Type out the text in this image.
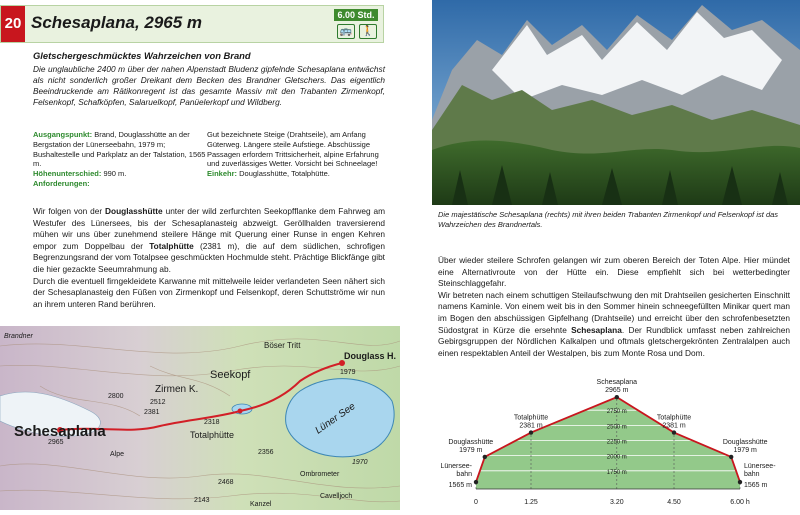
20 Schesaplana, 2965 m	6.00 Std.
🚌 🚶
Gletschergeschmücktes Wahrzeichen von Brand
Die unglaubliche 2400 m über der nahen Alpenstadt Bludenz gipfelnde Schesaplana entwächst als nicht sonderlich großer Dreikant dem Becken des Brandner Gletschers. Das eigentlich Beeindruckende am Rätikonregent ist das gesamte Massiv mit den Trabanten Zirmenkopf, Felsenkopf, Schafköpfen, Salaruelkopf, Panüelerkopf und Wildberg.
Ausgangspunkt: Brand, Douglasshütte an der Bergstation der Lünerseebahn, 1979 m; Bushaltestelle und Parkplatz an der Talstation, 1565 m.
Höhenunterschied: 990 m.
Anforderungen:
Gut bezeichnete Steige (Drahtseile), am Anfang Güterweg. Längere steile Aufstiege. Abschüssige Passagen erfordern Trittsicherheit, alpine Erfahrung und zuverlässiges Wetter. Vorsicht bei Schneelage!
Einkehr: Douglasshütte, Totalphütte.

Wir folgen von der Douglasshütte unter der wild zerfurchten Seekopfflanke dem Fahrweg am Westufer des Lünersees, bis der Schesaplanasteig abzweigt. Geröllhalden traversierend mühen wir uns über zunehmend steilere Hänge mit Querung einer Runse in engen Kehren empor zum Doppelbau der Totalphütte (2381 m), die auf dem südlichen, schrofigen Begrenzungsrand der vom Totalpsee geschmückten Hochmulde steht. Prächtige Blickfänge gibt die hier gezackte Seeumrahmung ab.

Durch die eventuell firngekleidete Karwanne mit mittelweile leider verlandeten Seen nähert sich der Schesaplanasteig den Füßen von Zirmenkopf und Felsenkopf, deren Schuttströme wir nun an ihrem unteren Rand berühren.

Schesaplana
Zirmen K.
Seekopf
Douglass H.
Totalphütte	Lüner See
Böser Tritt
Brandner
2965
1979
2381
2318
2512
2800
2468
2356
1970
2143
Kanzel
Cavelljoch
Ombrometer
Alpe
Die majestätische Schesaplana (rechts) mit ihren beiden Trabanten Zirmenkopf und Felsenkopf ist das Wahrzeichen des Brandnertals.

Über wieder steilere Schrofen gelangen wir zum oberen Bereich der Toten Alpe. Hier mündet eine Alternativroute von der Hütte ein. Diese empfiehlt sich bei wetterbedingter Steinschlaggefahr.

Wir betreten nach einem schuttigen Steilaufschwung den mit Drahtseilen gesicherten Einschnitt namens Kaminle. Von einem weit bis in den Sommer hinein schneegefüllten Minikar quert man im Bogen den abschüssigen Gipfelhang (Drahtseile) und erreicht über den schrofenbesetzten Südostgrat in Kürze die ersehnte Schesaplana. Der Rundblick umfasst neben zahlreichen Gebirgsgruppen der Nördlichen Kalkalpen und oftmals gletschergekrönten Zentralalpen auch einen respektablen Anteil der Westalpen, bis zum Monte Rosa und Dom.

1750 m
2000 m
2250 m
2500 m
2750 m
0	1.25	3.20	4.50	6.00 h
Lünersee-
bahn
1565 m
Douglasshütte
1979 m
Totalphütte
2381 m
Schesaplana
2965 m
Totalphütte
2381 m
Douglasshütte
1979 m
Lünersee-
bahn
1565 m
